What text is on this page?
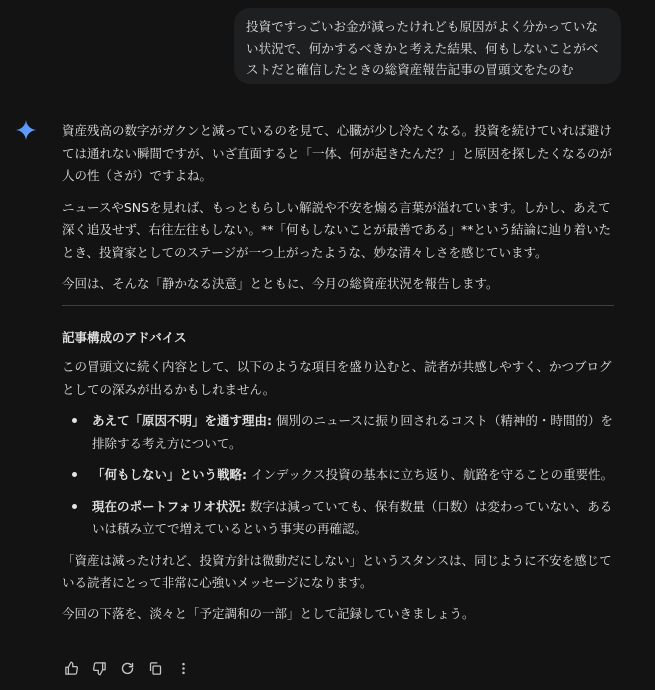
投資ですっごいお金が減ったけれども原因がよく分かっていない状況で、何かするべきかと考えた結果、何もしないことがベストだと確信したときの総資産報告記事の冒頭文をたのむ

資産残高の数字がガクンと減っているのを見て、心臓が少し冷たくなる。投資を続けていれば避けては通れない瞬間ですが、いざ直面すると「一体、何が起きたんだ？」と原因を探したくなるのが人の性（さが）ですよね。

ニュースやSNSを見れば、もっともらしい解説や不安を煽る言葉が溢れています。しかし、あえて深く追及せず、右往左往もしない。**「何もしないことが最善である」**という結論に辿り着いたとき、投資家としてのステージが一つ上がったような、妙な清々しさを感じています。

今回は、そんな「静かなる決意」とともに、今月の総資産状況を報告します。

記事構成のアドバイス

この冒頭文に続く内容として、以下のような項目を盛り込むと、読者が共感しやすく、かつブログとしての深みが出るかもしれません。

あえて「原因不明」を通す理由: 個別のニュースに振り回されるコスト（精神的・時間的）を排除する考え方について。
「何もしない」という戦略: インデックス投資の基本に立ち返り、航路を守ることの重要性。
現在のポートフォリオ状況: 数字は減っていても、保有数量（口数）は変わっていない、あるいは積み立てで増えているという事実の再確認。

「資産は減ったけれど、投資方針は微動だにしない」というスタンスは、同じように不安を感じている読者にとって非常に心強いメッセージになります。

今回の下落を、淡々と「予定調和の一部」として記録していきましょう。
